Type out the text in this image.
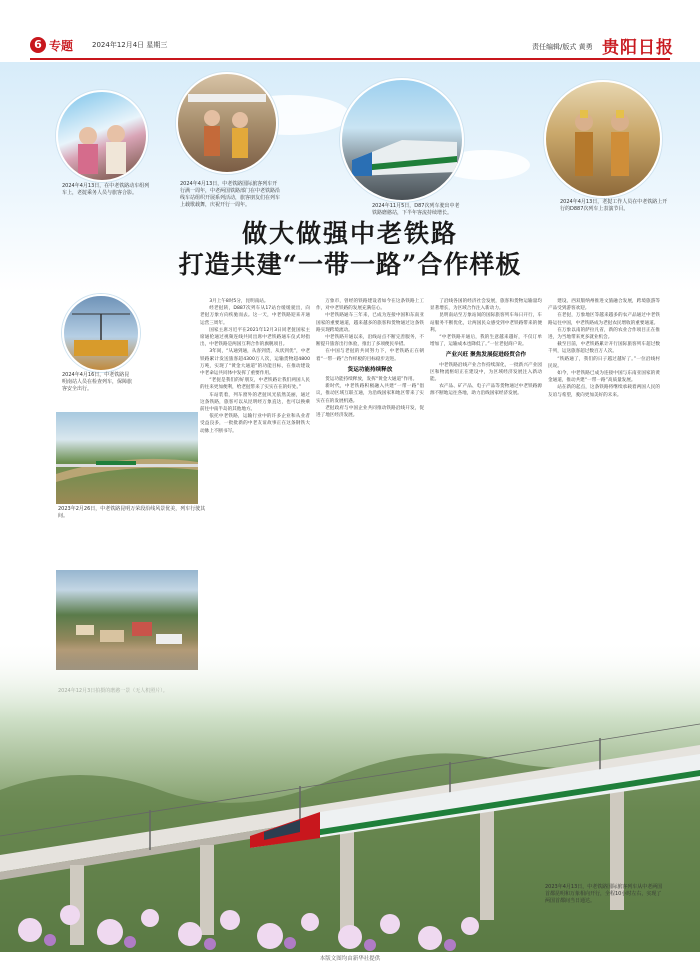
6 专题	2024年12月4日 星期三	责任编辑/版式 黄勇 贵阳日报
2024年4月13日，在中老铁路动车组列车上，老挝乘务人员与旅客合影。
2024年4月13日，中老铁路国际旅客列车开行满一周年，中老两国铁路部门在中老铁路沿线车站组织开展系列活动，旅客朋友们在列车上载歌载舞，庆祝开行一周年。	2024年11月5日，D87次列车驶出中老铁路磨憨站，下半年客流持续增长。
2024年4月13日，老挝工作人员在中老铁路上开行的D887次列车上表演节目。
做大做强中老铁路
打造共建“一带一路”合作样板
2024年4月16日，中老铁路昆明南站人员在检查列车，保障旅客安全出行。
2023年2月26日，中老铁路昆明万荣段沿线风景优美，列车行驶其间。

3月上午8时5分，昆明南站。

经老挝转，D887次列车从17站台缓缓驶出，向老挝万象方向疾驰而去。这一天，中老铁路迎来开通运营三周年。

国家主席习近平在2021年12月3日同老挝国家主席通伦通过视频连线共同出席中老铁路通车仪式时指出，中老铁路是两国互利合作的旗舰项目。

3年间，“从通到通，从客到货，从状到优”，中老铁路累计发送旅客超4300万人次，运输货物超4800万吨，实现了“黄金大通道”的功能目标，在推动建设中老命运共同体中发挥了重要作用。

“老挝是我们的好朋友，中老铁路让我们两国人民的往来更加便利，给老挝带来了实实在在的好处。”

车站装着，列车窗外的老挝风光依然美丽，通过这条铁路，旅客可以从昆明经万象直达，也可以换乘前往中南半岛的其他地方。

依托中老铁路，运输行业中的许多企业和从业者受益良多，一批批新的中老友谊故事正在这条钢铁大动脉上不断书写。

万象市，曾经的铁路建设者如今在这条铁路上工作，对中老铁路的发展充满信心。

中老铁路通车三年来，已成为连接中国和东南亚国家的重要通道，越来越多的旅客和货物通过这条铁路实现跨境流动。

中老铁路开通以来，沿线站点不断完善服务，不断提升旅客出行体验，推出了多项便民举措。

在中国与老挝的共同努力下，中老铁路正在朝着“一带一路”合作样板的目标稳步迈进。

货运功能持续释放

货运功能持续释放，发挥“黄金大通道”作用。

新时代，中老铁路积极融入共建“一带一路”倡议，推动区域互联互通，为沿线国家和地区带来了实实在在的发展机遇。

老挝政府与中国企业共同推动铁路沿线开发，促进了地区经济发展。

了沿线各国的经济社会发展，旅客和货物运输量均显著增长，为区域合作注入新动力。

昆明南站至万象站间的国际旅客列车每日开行，车站服务不断优化，让两国民众感受到中老铁路带来的便利。

“中老铁路开通后，我的生意越来越好，不仅订单增加了，运输成本也降低了。”一位老挝商户说。

产业兴旺 聚焦发展促进经贸合作

中老铁路沿线产业合作持续深化，一批新兴产业园区和物流枢纽正在建设中，为区域经济发展注入新动能。

农产品、矿产品、电子产品等货物通过中老铁路源源不断地运往各地，助力沿线国家经济发展。

建设、西双版纳州推进文旅融合发展，跨境旅游等产品受到游客欢迎。

在老挝，万象地区等越来越多的农产品通过中老铁路运往中国，中老铁路成为老挝农民增收的重要通道。

在万象以南的萨拉凡省，新的农业合作项目正在推进，为当地带来更多就业机会。

截至目前，中老铁路累计开行国际旅客列车超过数千列，运送旅客超过数百万人次。

“铁路通了，我们的日子越过越好了。”一位沿线村民说。

如今，中老铁路已成为连接中国与东南亚国家的黄金通道，推动共建“一带一路”高质量发展。

站在新的起点，这条铁路将继续承载着两国人民的友谊与希望，驶向更加美好的未来。

2023年4月13日，中老铁路国际旅客列车从中老两国首都昆明和万象相向开行，全程10小时左右，实现了两国首都间当日通达。
本版文图均由新华社提供
